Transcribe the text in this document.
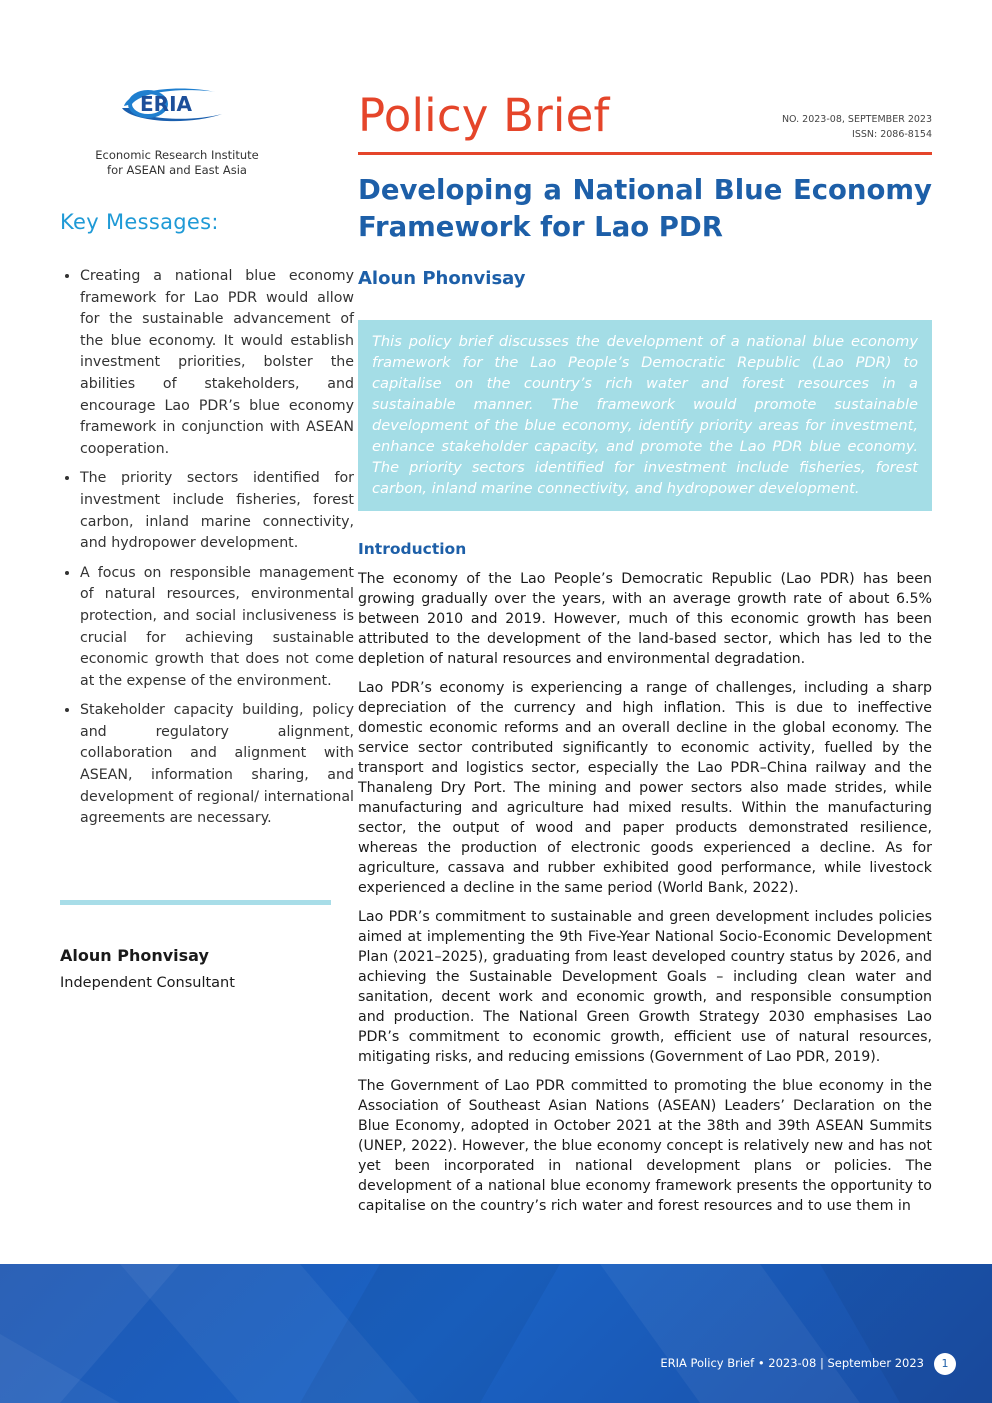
ERIA
Economic Research Institute
for ASEAN and East Asia
Key Messages:
• Creating a national blue economy framework for Lao PDR would allow for the sustainable advancement of the blue economy. It would establish investment priorities, bolster the abilities of stakeholders, and encourage Lao PDR’s blue economy framework in conjunction with ASEAN cooperation.
• The priority sectors identified for investment include fisheries, forest carbon, inland marine connectivity, and hydropower development.
• A focus on responsible management of natural resources, environmental protection, and social inclusiveness is crucial for achieving sustainable economic growth that does not come at the expense of the environment.
• Stakeholder capacity building, policy and regulatory alignment, collaboration and alignment with ASEAN, information sharing, and development of regional/ international agreements are necessary.
Aloun Phonvisay
Independent Consultant
Policy Brief	NO. 2023-08, SEPTEMBER 2023
ISSN: 2086-8154
Developing a National Blue Economy Framework for Lao PDR
Aloun Phonvisay

This policy brief discusses the development of a national blue economy framework for the Lao People’s Democratic Republic (Lao PDR) to capitalise on the country’s rich water and forest resources in a sustainable manner. The framework would promote sustainable development of the blue economy, identify priority areas for investment, enhance stakeholder capacity, and promote the Lao PDR blue economy. The priority sectors identified for investment include fisheries, forest carbon, inland marine connectivity, and hydropower development.

Introduction

The economy of the Lao People’s Democratic Republic (Lao PDR) has been growing gradually over the years, with an average growth rate of about 6.5% between 2010 and 2019. However, much of this economic growth has been attributed to the development of the land-based sector, which has led to the depletion of natural resources and environmental degradation.

Lao PDR’s economy is experiencing a range of challenges, including a sharp depreciation of the currency and high inflation. This is due to ineffective domestic economic reforms and an overall decline in the global economy. The service sector contributed significantly to economic activity, fuelled by the transport and logistics sector, especially the Lao PDR–China railway and the Thanaleng Dry Port. The mining and power sectors also made strides, while manufacturing and agriculture had mixed results. Within the manufacturing sector, the output of wood and paper products demonstrated resilience, whereas the production of electronic goods experienced a decline. As for agriculture, cassava and rubber exhibited good performance, while livestock experienced a decline in the same period (World Bank, 2022).

Lao PDR’s commitment to sustainable and green development includes policies aimed at implementing the 9th Five-Year National Socio-Economic Development Plan (2021–2025), graduating from least developed country status by 2026, and achieving the Sustainable Development Goals – including clean water and sanitation, decent work and economic growth, and responsible consumption and production. The National Green Growth Strategy 2030 emphasises Lao PDR’s commitment to economic growth, efficient use of natural resources, mitigating risks, and reducing emissions (Government of Lao PDR, 2019).

The Government of Lao PDR committed to promoting the blue economy in the Association of Southeast Asian Nations (ASEAN) Leaders’ Declaration on the Blue Economy, adopted in October 2021 at the 38th and 39th ASEAN Summits (UNEP, 2022). However, the blue economy concept is relatively new and has not yet been incorporated in national development plans or policies. The development of a national blue economy framework presents the opportunity to capitalise on the country’s rich water and forest resources and to use them in

ERIA Policy Brief • 2023-08 | September 2023	1
